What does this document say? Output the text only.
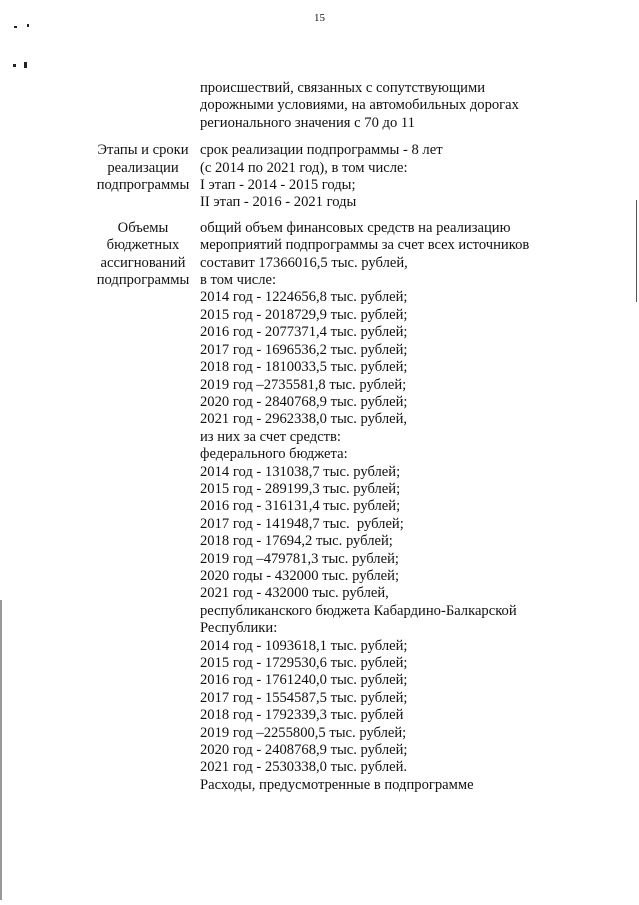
15
происшествий, связанных с сопутствующими
дорожными условиями, на автомобильных дорогах
регионального значения с 70 до 11
Этапы и сроки
реализации
подпрограммы
срок реализации подпрограммы - 8 лет
(с 2014 по 2021 год), в том числе:
I этап - 2014 - 2015 годы;
II этап - 2016 - 2021 годы
Объемы
бюджетных
ассигнований
подпрограммы
общий объем финансовых средств на реализацию
мероприятий подпрограммы за счет всех источников
составит 17366016,5 тыс. рублей,
в том числе:
2014 год - 1224656,8 тыс. рублей;
2015 год - 2018729,9 тыс. рублей;
2016 год - 2077371,4 тыс. рублей;
2017 год - 1696536,2 тыс. рублей;
2018 год - 1810033,5 тыс. рублей;
2019 год –2735581,8 тыс. рублей;
2020 год - 2840768,9 тыс. рублей;
2021 год - 2962338,0 тыс. рублей,
из них за счет средств:
федерального бюджета:
2014 год - 131038,7 тыс. рублей;
2015 год - 289199,3 тыс. рублей;
2016 год - 316131,4 тыс. рублей;
2017 год - 141948,7 тыс.  рублей;
2018 год - 17694,2 тыс. рублей;
2019 год –479781,3 тыс. рублей;
2020 годы - 432000 тыс. рублей;
2021 год - 432000 тыс. рублей,
республиканского бюджета Кабардино-Балкарской
Республики:
2014 год - 1093618,1 тыс. рублей;
2015 год - 1729530,6 тыс. рублей;
2016 год - 1761240,0 тыс. рублей;
2017 год - 1554587,5 тыс. рублей;
2018 год - 1792339,3 тыс. рублей
2019 год –2255800,5 тыс. рублей;
2020 год - 2408768,9 тыс. рублей;
2021 год - 2530338,0 тыс. рублей.
Расходы, предусмотренные в подпрограмме
